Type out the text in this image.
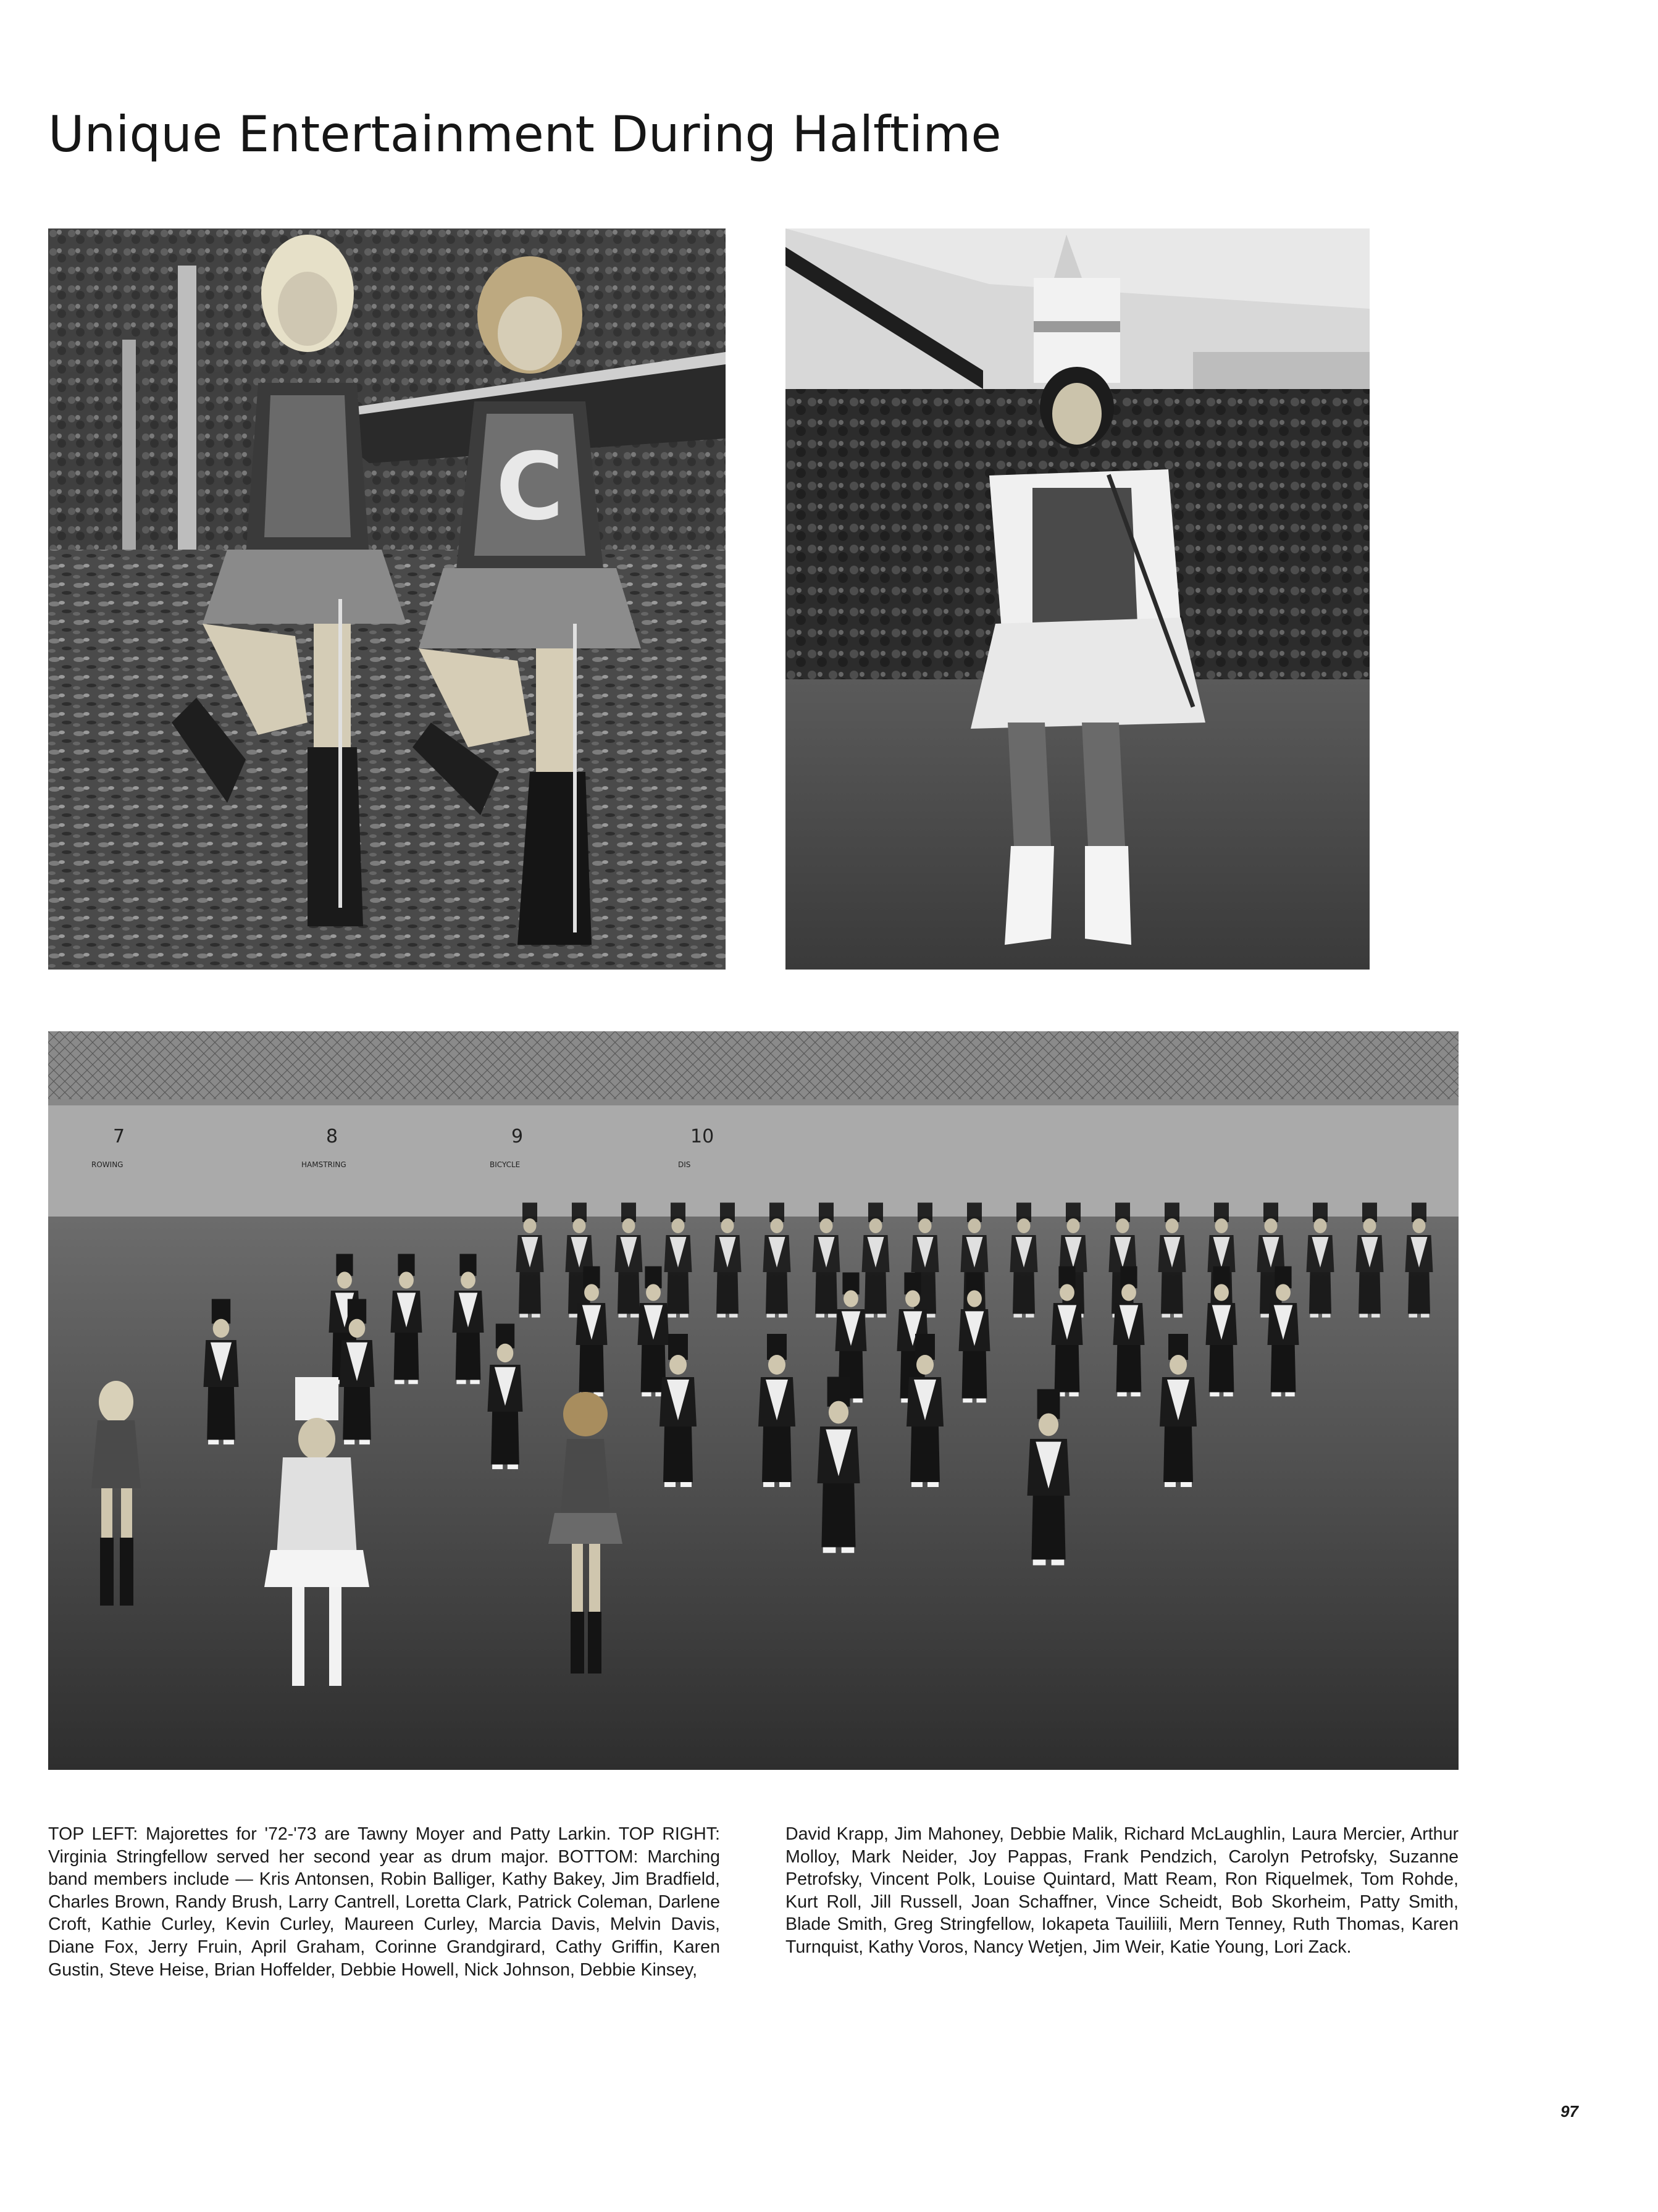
Unique Entertainment During Halftime
C
7	8	9	10
ROWING	HAMSTRING	BICYCLE	DIS

TOP LEFT: Majorettes for '72-'73 are Tawny Moyer and Patty Larkin. TOP RIGHT: Virginia Stringfellow served her second year as drum major. BOTTOM: Marching band members include — Kris Antonsen, Robin Balliger, Kathy Bakey, Jim Bradfield, Charles Brown, Randy Brush, Larry Cantrell, Loretta Clark, Patrick Coleman, Darlene Croft, Kathie Curley, Kevin Curley, Maureen Curley, Marcia Davis, Melvin Davis, Diane Fox, Jerry Fruin, April Graham, Corinne Grandgirard, Cathy Griffin, Karen Gustin, Steve Heise, Brian Hoffelder, Debbie Howell, Nick Johnson, Debbie Kinsey,

David Krapp, Jim Mahoney, Debbie Malik, Richard McLaughlin, Laura Mercier, Arthur Molloy, Mark Neider, Joy Pappas, Frank Pendzich, Carolyn Petrofsky, Suzanne Petrofsky, Vincent Polk, Louise Quintard, Matt Ream, Ron Riquelmek, Tom Rohde, Kurt Roll, Jill Russell, Joan Schaffner, Vince Scheidt, Bob Skorheim, Patty Smith, Blade Smith, Greg Stringfellow, Iokapeta Tauiliili, Mern Tenney, Ruth Thomas, Karen Turnquist, Kathy Voros, Nancy Wetjen, Jim Weir, Katie Young, Lori Zack.

97
